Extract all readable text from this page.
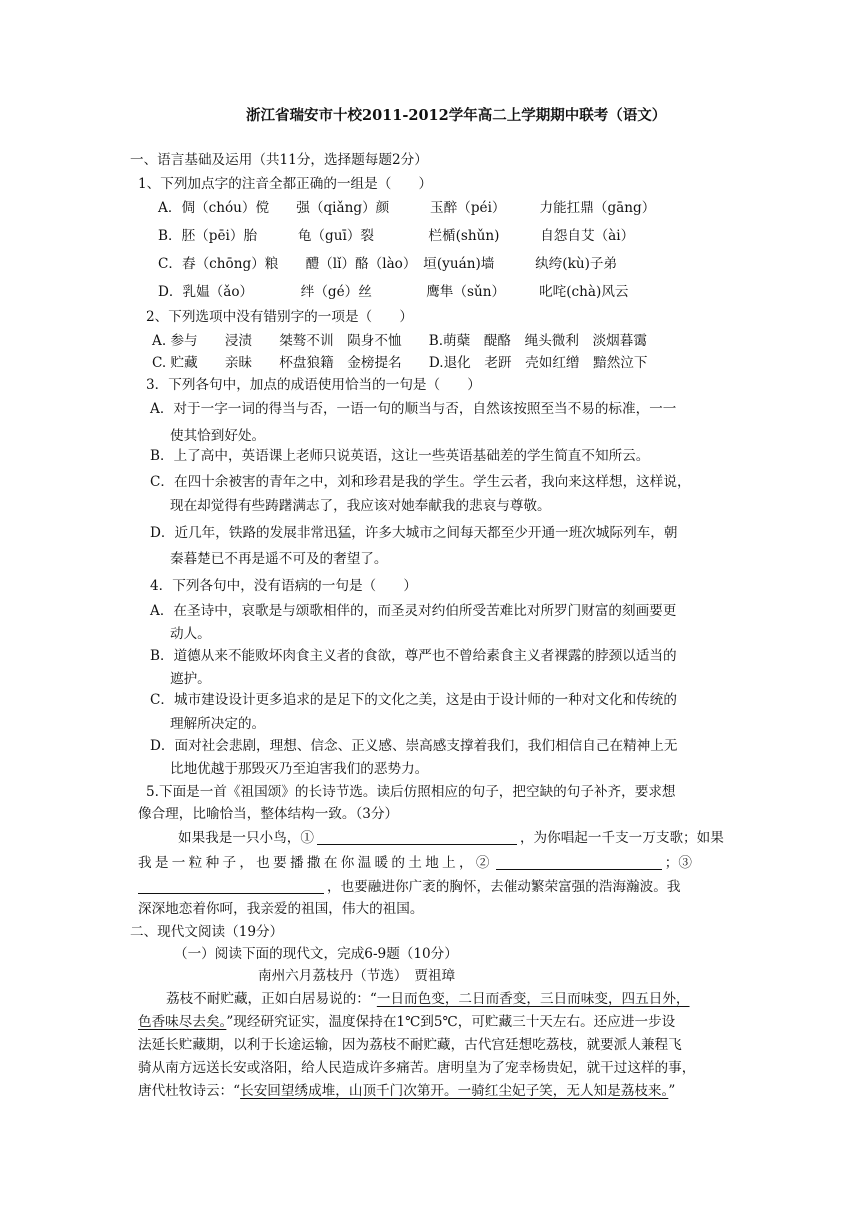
浙江省瑞安市十校2011-2012学年高二上学期期中联考（语文）
一、语言基础及运用（共11分，选择题每题2分）
1、下列加点字的注音全都正确的一组是（　　）
A．倜（chóu）傥　　强（qiǎng）颜　　　玉醉（péi）　　　力能扛鼎（gāng）
B．胚（pēi）胎　　　龟（guī）裂　　　　栏楯(shǔn)　　　自怨自艾（ài）
C．舂（chōng）粮　　醴（lǐ）酪（lào）　垣(yuán)墙　　　纨绔(kù)子弟
D．乳媪（ǎo）　　　　绊（gé）丝　　　　鹰隼（sǔn）　　　叱咤(chà)风云
2、下列选项中没有错别字的一项是（　　）
A. 参与　　浸渍　　桀骜不训　陨身不恤　　B.萌蘖　醍酪　绳头微利　淡烟暮霭
C. 贮藏　　亲昧　　杯盘狼籍　金榜提名　　D.退化　老趼　壳如红缯　黯然泣下
3．下列各句中，加点的成语使用恰当的一句是（　　）
A．对于一字一词的得当与否，一语一句的顺当与否，自然该按照至当不易的标准，一一
使其恰到好处。
B．上了高中，英语课上老师只说英语，这让一些英语基础差的学生简直不知所云。
C．在四十余被害的青年之中，刘和珍君是我的学生。学生云者，我向来这样想，这样说，
现在却觉得有些踌躇满志了，我应该对她奉献我的悲哀与尊敬。
D．近几年，铁路的发展非常迅猛，许多大城市之间每天都至少开通一班次城际列车，朝
秦暮楚已不再是遥不可及的奢望了。
4．下列各句中，没有语病的一句是（　　）
A．在圣诗中，哀歌是与颂歌相伴的，而圣灵对约伯所受苦难比对所罗门财富的刻画要更
动人。
B．道德从来不能败坏肉食主义者的食欲，尊严也不曾给素食主义者裸露的脖颈以适当的
遮护。
C．城市建设设计更多追求的是足下的文化之美，这是由于设计师的一种对文化和传统的
理解所决定的。
D．面对社会悲剧，理想、信念、正义感、崇高感支撑着我们，我们相信自己在精神上无
比地优越于那毁灭乃至迫害我们的恶势力。
5.下面是一首《祖国颂》的长诗节选。读后仿照相应的句子，把空缺的句子补齐，要求想
像合理，比喻恰当，整体结构一致。（3分）
如果我是一只小鸟，①	，为你唱起一千支一万支歌；如果
我是一粒种子，也要播撒在你温暖的土地上，②	；③
，也要融进你广袤的胸怀，去催动繁荣富强的浩海瀚波。我
深深地恋着你呵，我亲爱的祖国，伟大的祖国。
二、现代文阅读（19分）
（一）阅读下面的现代文，完成6-9题（10分）
南州六月荔枝丹（节选）　贾祖璋
荔枝不耐贮藏，正如白居易说的：“一日而色变，二日而香变，三日而味变，四五日外，
色香味尽去矣。”现经研究证实，温度保持在1℃到5℃，可贮藏三十天左右。还应进一步设
法延长贮藏期，以利于长途运输，因为荔枝不耐贮藏，古代宫廷想吃荔枝，就要派人兼程飞
骑从南方远送长安或洛阳，给人民造成许多痛苦。唐明皇为了宠幸杨贵妃，就干过这样的事，
唐代杜牧诗云：“长安回望绣成堆，山顶千门次第开。一骑红尘妃子笑，无人知是荔枝来。”
